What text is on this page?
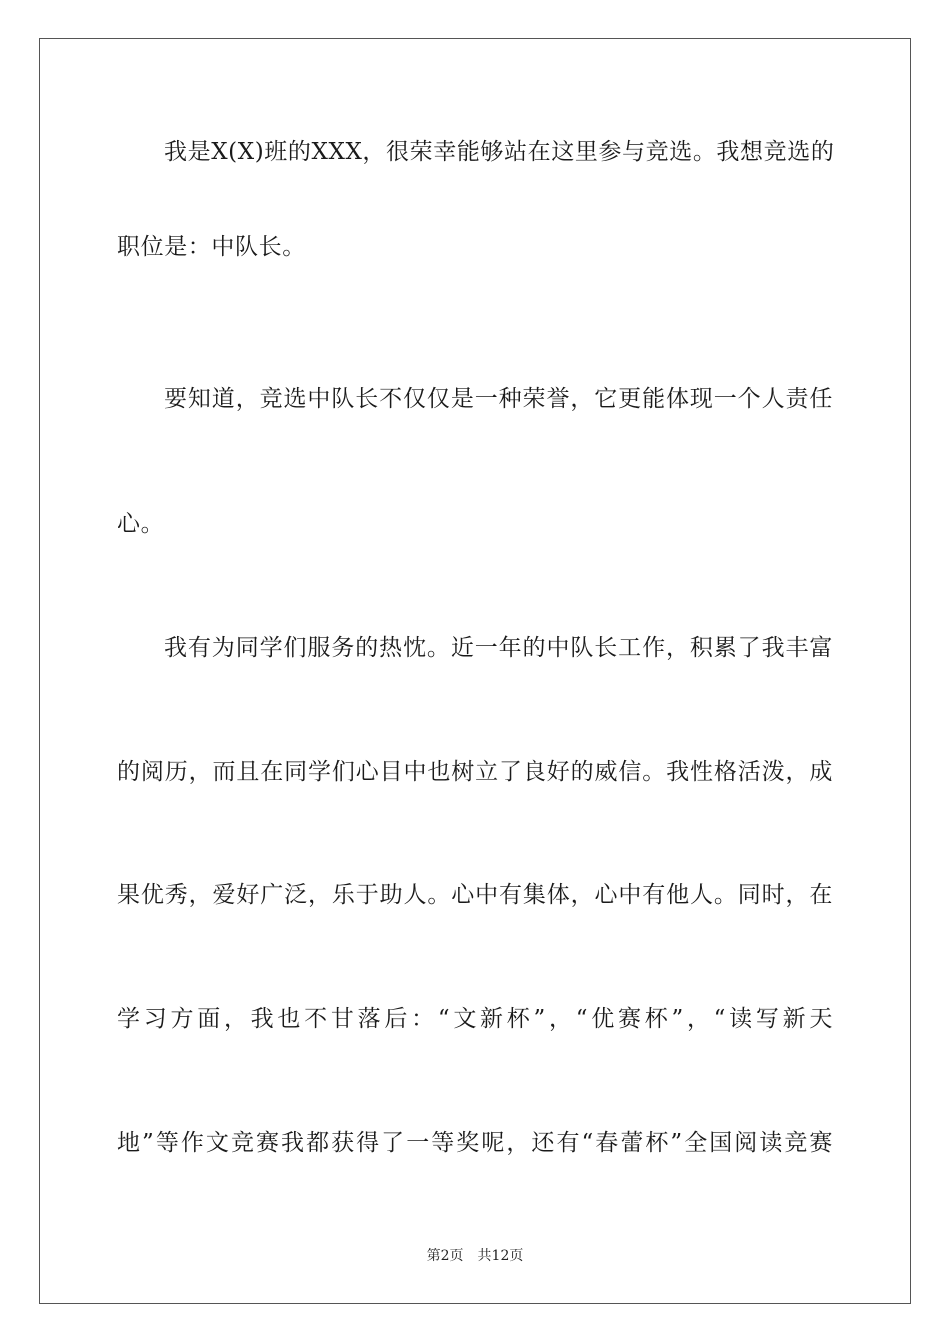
我是X(X)班的XXX，很荣幸能够站在这里参与竞选。我想竞选的
职位是：中队长。
要知道，竞选中队长不仅仅是一种荣誉，它更能体现一个人责任
心。
我有为同学们服务的热忱。近一年的中队长工作，积累了我丰富
的阅历，而且在同学们心目中也树立了良好的威信。我性格活泼，成
果优秀，爱好广泛，乐于助人。心中有集体，心中有他人。同时，在
学习方面，我也不甘落后：“文新杯”，“优赛杯”，“读写新天
地”等作文竞赛我都获得了一等奖呢，还有“春蕾杯”全国阅读竞赛
第2页 共12页
